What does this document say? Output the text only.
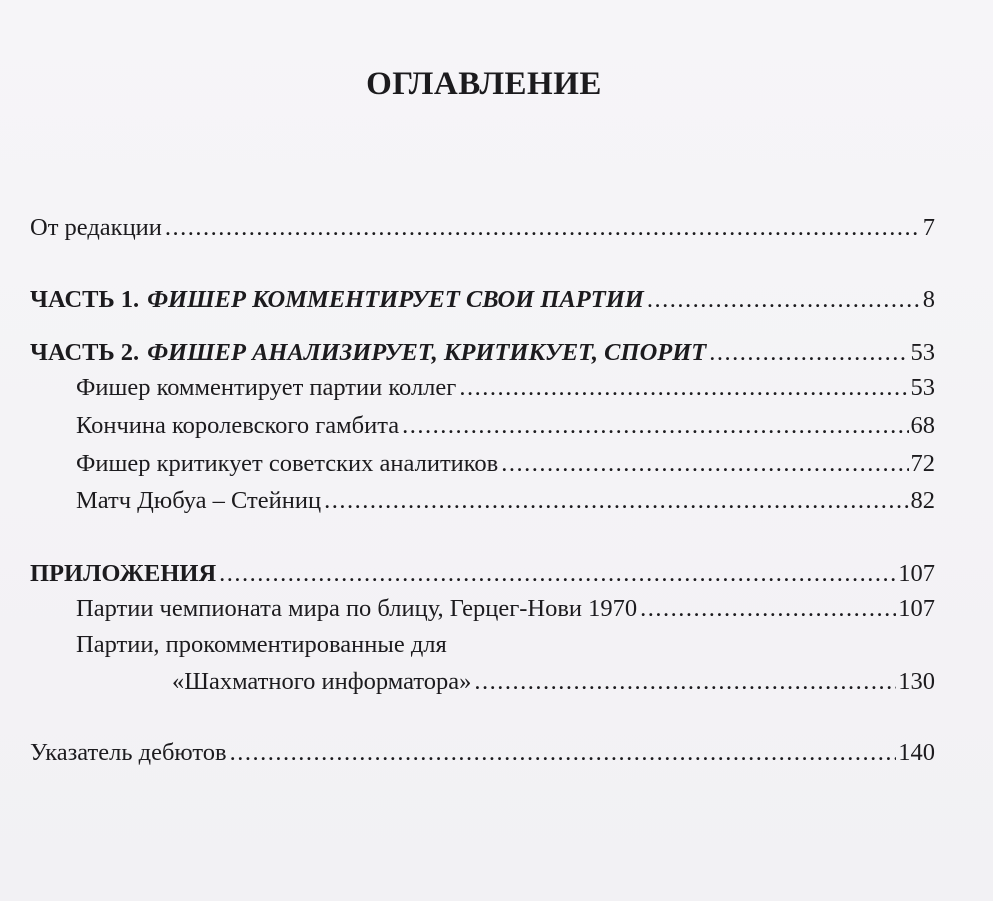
ОГЛАВЛЕНИЕ
От редакции .....	7
ЧАСТЬ 1. ФИШЕР КОММЕНТИРУЕТ СВОИ ПАРТИИ .....	8
ЧАСТЬ 2. ФИШЕР АНАЛИЗИРУЕТ, КРИТИКУЕТ, СПОРИТ .....	53
Фишер комментирует партии коллег .....	53
Кончина королевского гамбита .....	68
Фишер критикует советских аналитиков .....	72
Матч Дюбуа – Стейниц .....	82
ПРИЛОЖЕНИЯ .....	107
Партии чемпионата мира по блицу, Герцег-Нови 1970 .....	107
Партии, прокомментированные для
«Шахматного информатора» .....	130
Указатель дебютов .....	140
